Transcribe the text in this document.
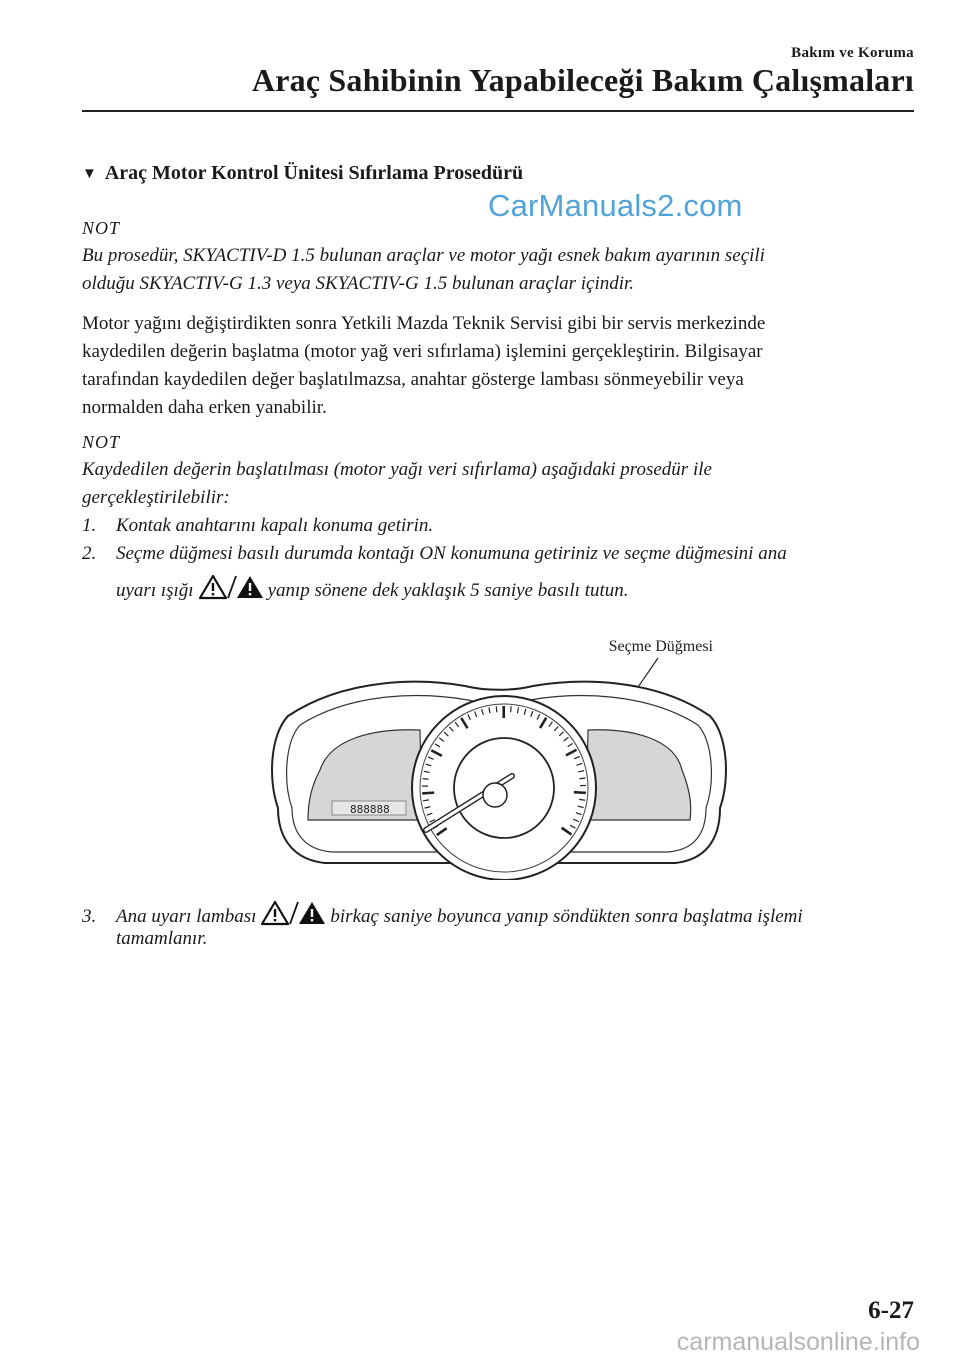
Bakım ve Koruma
Araç Sahibinin Yapabileceği Bakım Çalışmaları
▼ Araç Motor Kontrol Ünitesi Sıfırlama Prosedürü
CarManuals2.com
NOT
Bu prosedür, SKYACTIV-D 1.5 bulunan araçlar ve motor yağı esnek bakım ayarının seçili
olduğu SKYACTIV-G 1.3 veya SKYACTIV-G 1.5 bulunan araçlar içindir.
Motor yağını değiştirdikten sonra Yetkili Mazda Teknik Servisi gibi bir servis merkezinde
kaydedilen değerin başlatma (motor yağ veri sıfırlama) işlemini gerçekleştirin. Bilgisayar
tarafından kaydedilen değer başlatılmazsa, anahtar gösterge lambası sönmeyebilir veya
normalden daha erken yanabilir.
NOT
Kaydedilen değerin başlatılması (motor yağı veri sıfırlama) aşağıdaki prosedür ile
gerçekleştirilebilir:
1. Kontak anahtarını kapalı konuma getirin.
2. Seçme düğmesi basılı durumda kontağı ON konumuna getiriniz ve seçme düğmesini ana
uyarı ışığı	yanıp sönene dek yaklaşık 5 saniye basılı tutun.
Seçme Düğmesi
888888
3. Ana uyarı lambası	birkaç saniye boyunca yanıp söndükten sonra başlatma işlemi
tamamlanır.
6-27
carmanualsonline.info
